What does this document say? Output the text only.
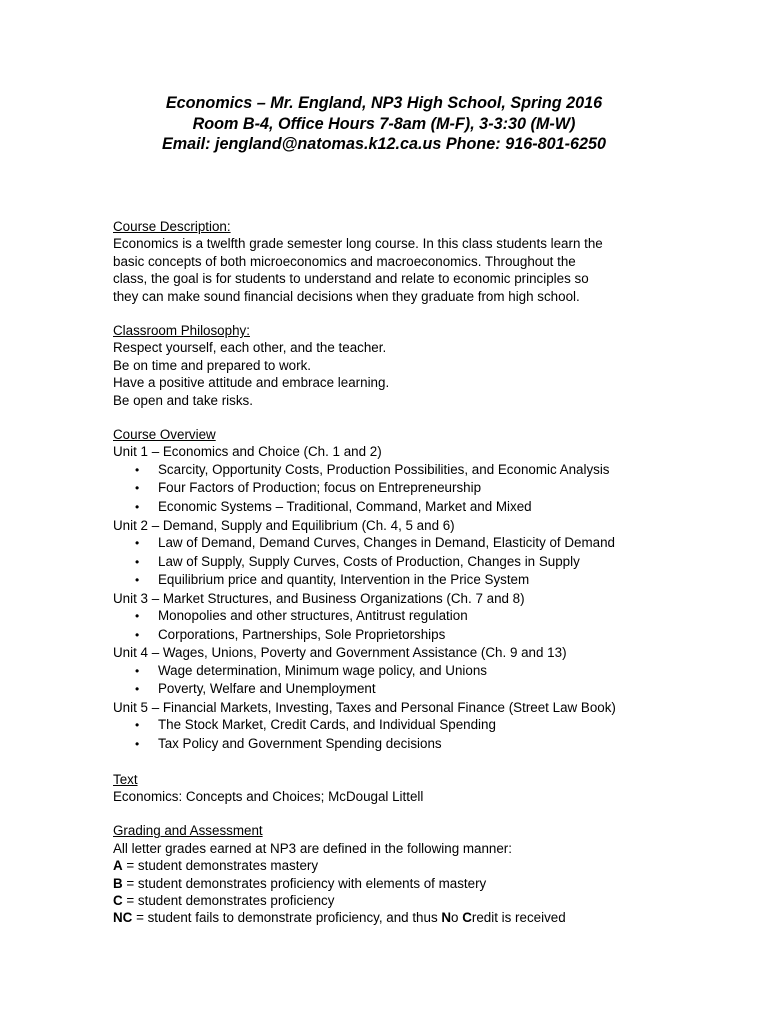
Economics – Mr. England, NP3 High School, Spring 2016
Room B-4, Office Hours 7-8am (M-F), 3-3:30 (M-W)
Email: jengland@natomas.k12.ca.us Phone: 916-801-6250
Course Description:
Economics is a twelfth grade semester long course. In this class students learn the
basic concepts of both microeconomics and macroeconomics. Throughout the
class, the goal is for students to understand and relate to economic principles so
they can make sound financial decisions when they graduate from high school.
Classroom Philosophy:
Respect yourself, each other, and the teacher.
Be on time and prepared to work.
Have a positive attitude and embrace learning.
Be open and take risks.
Course Overview
Unit 1 – Economics and Choice (Ch. 1 and 2)
• Scarcity, Opportunity Costs, Production Possibilities, and Economic Analysis
• Four Factors of Production; focus on Entrepreneurship
• Economic Systems – Traditional, Command, Market and Mixed
Unit 2 – Demand, Supply and Equilibrium (Ch. 4, 5 and 6)
• Law of Demand, Demand Curves, Changes in Demand, Elasticity of Demand
• Law of Supply, Supply Curves, Costs of Production, Changes in Supply
• Equilibrium price and quantity, Intervention in the Price System
Unit 3 – Market Structures, and Business Organizations (Ch. 7 and 8)
• Monopolies and other structures, Antitrust regulation
• Corporations, Partnerships, Sole Proprietorships
Unit 4 – Wages, Unions, Poverty and Government Assistance (Ch. 9 and 13)
• Wage determination, Minimum wage policy, and Unions
• Poverty, Welfare and Unemployment
Unit 5 – Financial Markets, Investing, Taxes and Personal Finance (Street Law Book)
• The Stock Market, Credit Cards, and Individual Spending
• Tax Policy and Government Spending decisions
Text
Economics: Concepts and Choices; McDougal Littell
Grading and Assessment
All letter grades earned at NP3 are defined in the following manner:
A = student demonstrates mastery
B = student demonstrates proficiency with elements of mastery
C = student demonstrates proficiency
NC = student fails to demonstrate proficiency, and thus No Credit is received
